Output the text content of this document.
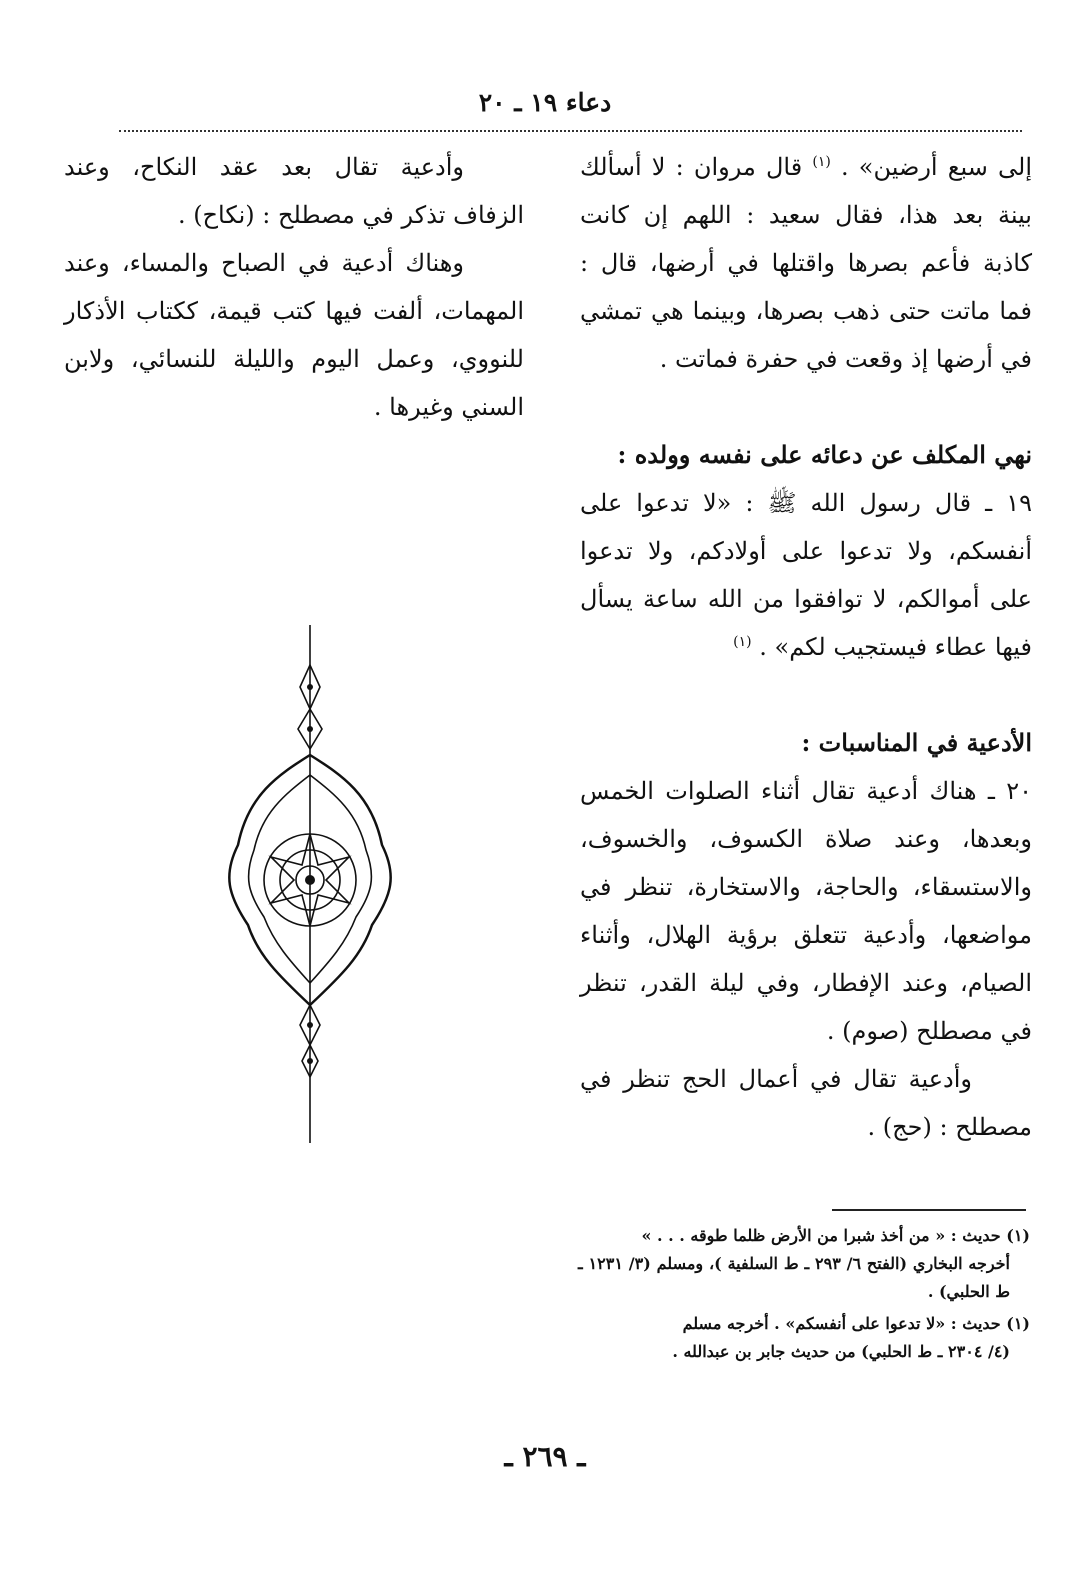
دعاء ١٩ ـ ٢٠

إلى سبع أرضين» . $^{(١)}$ قال مروان : لا أسألك بينة بعد هذا، فقال سعيد : اللهم إن كانت كاذبة فأعم بصرها واقتلها في أرضها، قال : فما ماتت حتى ذهب بصرها، وبينما هي تمشي في أرضها إذ وقعت في حفرة فماتت .

نهي المكلف عن دعائه على نفسه وولده :

١٩ ـ قال رسول الله ﷺ : «لا تدعوا على أنفسكم، ولا تدعوا على أولادكم، ولا تدعوا على أموالكم، لا توافقوا من الله ساعة يسأل فيها عطاء فيستجيب لكم» . $^{(١)}$

الأدعية في المناسبات :

٢٠ ـ هناك أدعية تقال أثناء الصلوات الخمس وبعدها، وعند صلاة الكسوف، والخسوف، والاستسقاء، والحاجة، والاستخارة، تنظر في مواضعها، وأدعية تتعلق برؤية الهلال، وأثناء الصيام، وعند الإفطار، وفي ليلة القدر، تنظر في مصطلح (صوم) .

وأدعية تقال في أعمال الحج تنظر في مصطلح : (حج) .

وأدعية تقال بعد عقد النكاح، وعند الزفاف تذكر في مصطلح : (نكاح) .

وهناك أدعية في الصباح والمساء، وعند المهمات، ألفت فيها كتب قيمة، ككتاب الأذكار للنووي، وعمل اليوم والليلة للنسائي، ولابن السني وغيرها .

(١) حديث : « من أخذ شبرا من الأرض ظلما طوقه . . . »
أخرجه البخاري (الفتح ٦/ ٢٩٣ ـ ط السلفية )، ومسلم (٣/ ١٢٣١ ـ ط الحلبي) .

(١) حديث : «لا تدعوا على أنفسكم» . أخرجه مسلم
(٤/ ٢٣٠٤ ـ ط الحلبي) من حديث جابر بن عبدالله .

ـ ٢٦٩ ـ
